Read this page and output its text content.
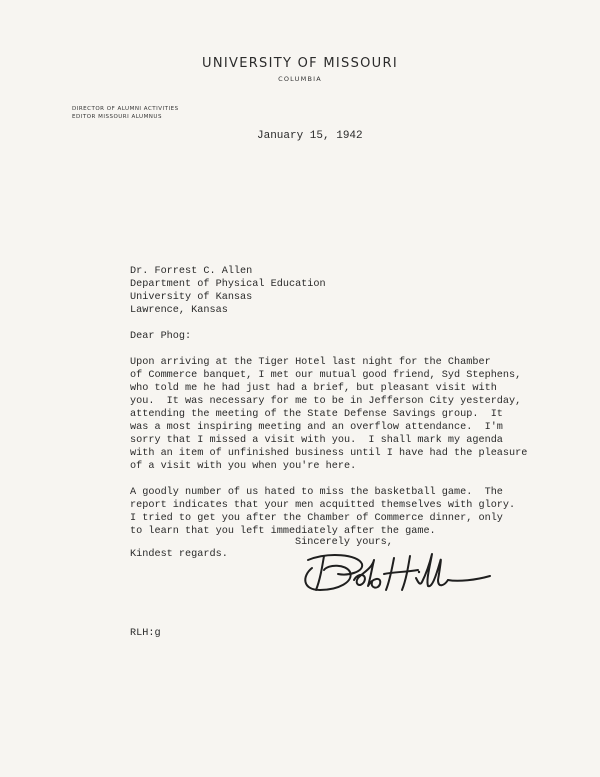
UNIVERSITY OF MISSOURI
COLUMBIA
DIRECTOR OF ALUMNI ACTIVITIES
EDITOR MISSOURI ALUMNUS
January 15, 1942
Dr. Forrest C. Allen
Department of Physical Education
University of Kansas
Lawrence, Kansas
Dear Phog:
Upon arriving at the Tiger Hotel last night for the Chamber
of Commerce banquet, I met our mutual good friend, Syd Stephens,
who told me he had just had a brief, but pleasant visit with
you.  It was necessary for me to be in Jefferson City yesterday,
attending the meeting of the State Defense Savings group.  It
was a most inspiring meeting and an overflow attendance.  I'm
sorry that I missed a visit with you.  I shall mark my agenda
with an item of unfinished business until I have had the pleasure
of a visit with you when you're here.
A goodly number of us hated to miss the basketball game.  The
report indicates that your men acquitted themselves with glory.
I tried to get you after the Chamber of Commerce dinner, only
to learn that you left immediately after the game.
Kindest regards.
Sincerely yours,
RLH:g
